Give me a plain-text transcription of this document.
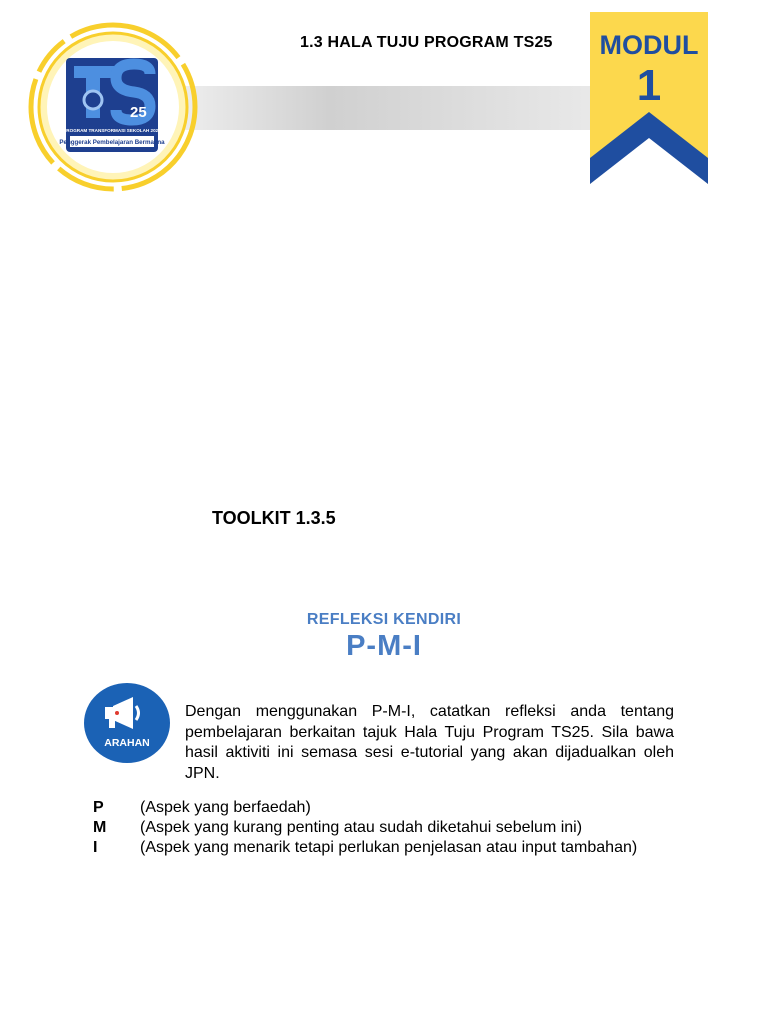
1.3 HALA TUJU PROGRAM TS25
25
PROGRAM TRANSFORMASI SEKOLAH 2025
Penggerak Pembelajaran Bermakna
MODUL
1
TOOLKIT 1.3.5
REFLEKSI KENDIRI
P-M-I
ARAHAN
Dengan menggunakan P-M-I, catatkan refleksi anda tentang pembelajaran berkaitan tajuk Hala Tuju Program TS25. Sila bawa hasil aktiviti ini semasa sesi e-tutorial yang akan dijadualkan oleh JPN.
P	(Aspek yang berfaedah)
M	(Aspek yang kurang penting atau sudah diketahui sebelum ini)
I	(Aspek yang menarik tetapi perlukan penjelasan atau input tambahan)
